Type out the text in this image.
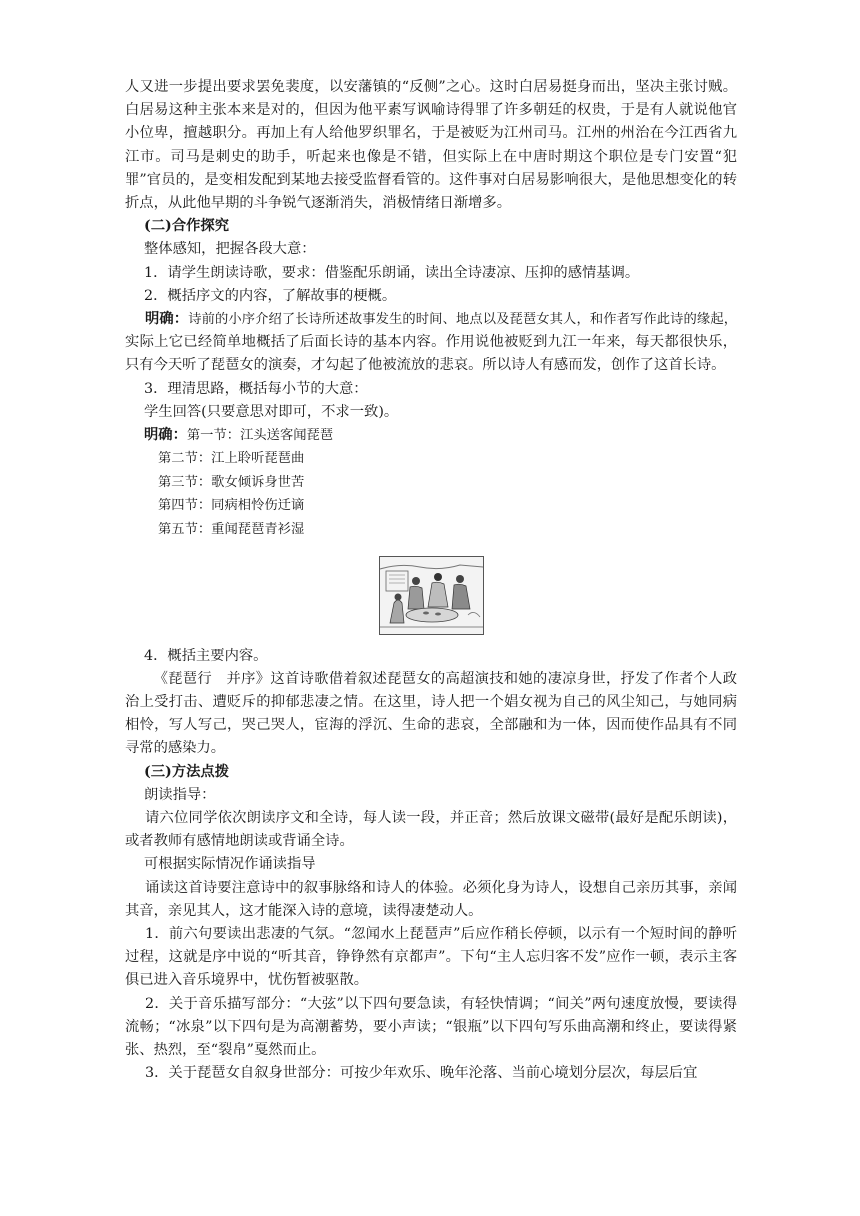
人又进一步提出要求罢免裴度，以安藩镇的“反侧”之心。这时白居易挺身而出，坚决主张讨贼。白居易这种主张本来是对的，但因为他平素写讽喻诗得罪了许多朝廷的权贵，于是有人就说他官小位卑，擅越职分。再加上有人给他罗织罪名，于是被贬为江州司马。江州的州治在今江西省九江市。司马是刺史的助手，听起来也像是不错，但实际上在中唐时期这个职位是专门安置“犯罪”官员的，是变相发配到某地去接受监督看管的。这件事对白居易影响很大，是他思想变化的转折点，从此他早期的斗争锐气逐渐消失，消极情绪日渐增多。

(二)合作探究

整体感知，把握各段大意：

1．请学生朗读诗歌，要求：借鉴配乐朗诵，读出全诗凄凉、压抑的感情基调。

2．概括序文的内容，了解故事的梗概。

明确：诗前的小序介绍了长诗所述故事发生的时间、地点以及琵琶女其人，和作者写作此诗的缘起，实际上它已经简单地概括了后面长诗的基本内容。作用说他被贬到九江一年来，每天都很快乐，只有今天听了琵琶女的演奏，才勾起了他被流放的悲哀。所以诗人有感而发，创作了这首长诗。

3．理清思路，概括每小节的大意：

学生回答(只要意思对即可，不求一致)。

明确：第一节：江头送客闻琵琶

第二节：江上聆听琵琶曲

第三节：歌女倾诉身世苦

第四节：同病相怜伤迁谪

第五节：重闻琵琶青衫湿

4．概括主要内容。

《琵琶行　并序》这首诗歌借着叙述琵琶女的高超演技和她的凄凉身世，抒发了作者个人政治上受打击、遭贬斥的抑郁悲凄之情。在这里，诗人把一个娼女视为自己的风尘知己，与她同病相怜，写人写己，哭己哭人，宦海的浮沉、生命的悲哀，全部融和为一体，因而使作品具有不同寻常的感染力。

(三)方法点拨

朗读指导：

请六位同学依次朗读序文和全诗，每人读一段，并正音；然后放课文磁带(最好是配乐朗读)，或者教师有感情地朗读或背诵全诗。

可根据实际情况作诵读指导

诵读这首诗要注意诗中的叙事脉络和诗人的体验。必须化身为诗人，设想自己亲历其事，亲闻其音，亲见其人，这才能深入诗的意境，读得凄楚动人。

1．前六句要读出悲凄的气氛。“忽闻水上琵琶声”后应作稍长停顿，以示有一个短时间的静听过程，这就是序中说的“听其音，铮铮然有京都声”。下句“主人忘归客不发”应作一顿，表示主客俱已进入音乐境界中，忧伤暂被驱散。

2．关于音乐描写部分：“大弦”以下四句要急读，有轻快情调；“间关”两句速度放慢，要读得流畅；“冰泉”以下四句是为高潮蓄势，要小声读；“银瓶”以下四句写乐曲高潮和终止，要读得紧张、热烈，至“裂帛”戛然而止。

3．关于琵琶女自叙身世部分：可按少年欢乐、晚年沦落、当前心境划分层次，每层后宜
